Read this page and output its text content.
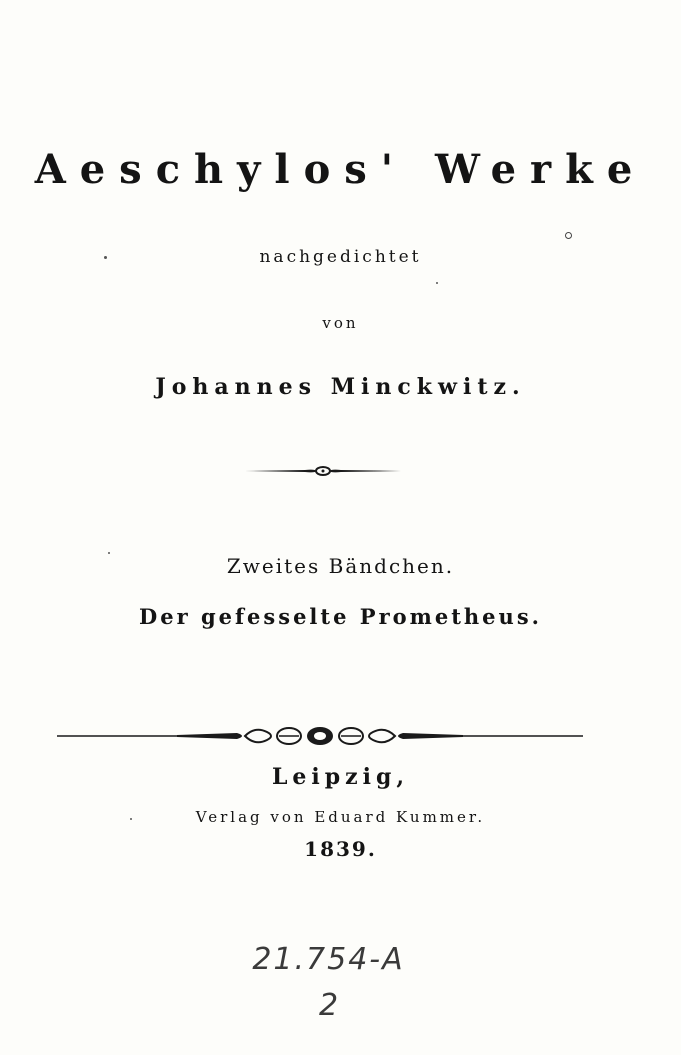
Aeschylos' Werke
nachgedichtet
von
Johannes Minckwitz.
Zweites Bändchen.
Der gefesselte Prometheus.
Leipzig,
Verlag von Eduard Kummer.
1839.
21.754-A
2
